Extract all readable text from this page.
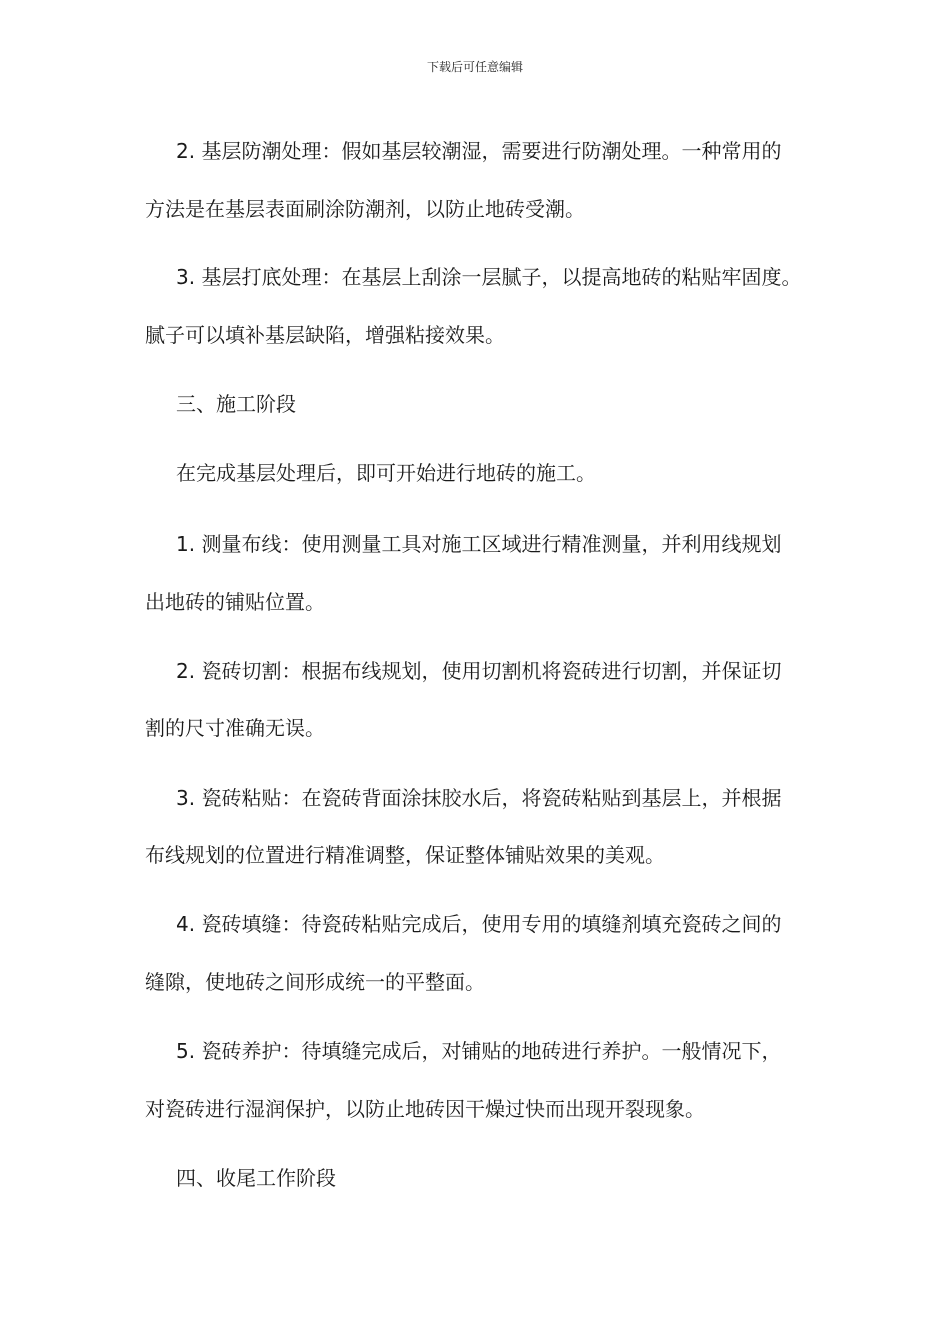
下载后可任意编辑
2. 基层防潮处理：假如基层较潮湿，需要进行防潮处理。一种常用的
方法是在基层表面刷涂防潮剂，以防止地砖受潮。
3. 基层打底处理：在基层上刮涂一层腻子，以提高地砖的粘贴牢固度。
腻子可以填补基层缺陷，增强粘接效果。
三、施工阶段
在完成基层处理后，即可开始进行地砖的施工。
1. 测量布线：使用测量工具对施工区域进行精准测量，并利用线规划
出地砖的铺贴位置。
2. 瓷砖切割：根据布线规划，使用切割机将瓷砖进行切割，并保证切
割的尺寸准确无误。
3. 瓷砖粘贴：在瓷砖背面涂抹胶水后，将瓷砖粘贴到基层上，并根据
布线规划的位置进行精准调整，保证整体铺贴效果的美观。
4. 瓷砖填缝：待瓷砖粘贴完成后，使用专用的填缝剂填充瓷砖之间的
缝隙，使地砖之间形成统一的平整面。
5. 瓷砖养护：待填缝完成后，对铺贴的地砖进行养护。一般情况下，
对瓷砖进行湿润保护，以防止地砖因干燥过快而出现开裂现象。
四、收尾工作阶段
